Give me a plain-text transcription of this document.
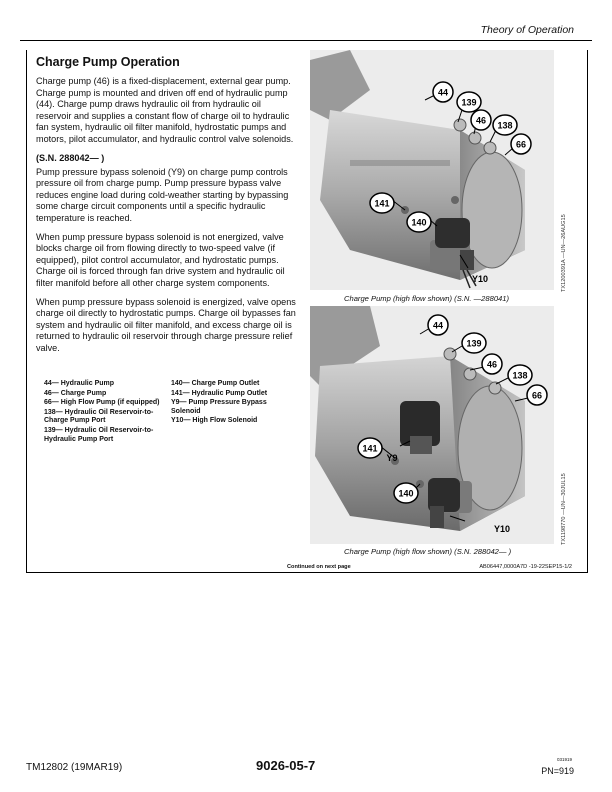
Theory of Operation
Charge Pump Operation

Charge pump (46) is a fixed-displacement, external gear pump. Charge pump is mounted and driven off end of hydraulic pump (44). Charge pump draws hydraulic oil from hydraulic oil reservoir and supplies a constant flow of charge oil to hydraulic fan system, hydraulic oil filter manifold, hydrostatic pumps and motors, pilot accumulator, and hydraulic control valve solenoids.

(S.N. 288042— )

Pump pressure bypass solenoid (Y9) on charge pump controls pressure oil from charge pump. Pump pressure bypass valve reduces engine load during cold-weather starting by bypassing some charge circuit components until a specific hydraulic temperature is reached.

When pump pressure bypass solenoid is not energized, valve blocks charge oil from flowing directly to two-speed valve (if equipped), pilot control accumulator, and hydrostatic pumps. Charge oil is forced through fan drive system and hydraulic oil filter manifold before all other charge system components.

When pump pressure bypass solenoid is energized, valve opens charge oil directly to hydrostatic pumps. Charge oil bypasses fan system and hydraulic oil filter manifold, and excess charge oil is returned to hydraulic oil reservoir through charge pressure relief valve.

44— Hydraulic Pump
46— Charge Pump
66— High Flow Pump (if equipped)
138— Hydraulic Oil Reservoir-to-Charge Pump Port
139— Hydraulic Oil Reservoir-to-Hydraulic Pump Port
140— Charge Pump Outlet
141— Hydraulic Pump Outlet
Y9— Pump Pressure Bypass Solenoid
Y10— High Flow Solenoid
44
139
46 138
66
141
140
Y10
Charge Pump (high flow shown) (S.N. —288041)
TX1200391A —UN—26AUG15
44
139
46
138
66
141
Y9
140
Y10
Charge Pump (high flow shown) (S.N. 288042— )
TX1198770 —UN—30JUL15
Continued on next page	AB06447,0000A7D -19-22SEP15-1/2
TM12802 (19MAR19)	9026-05-7	031919
PN=919
